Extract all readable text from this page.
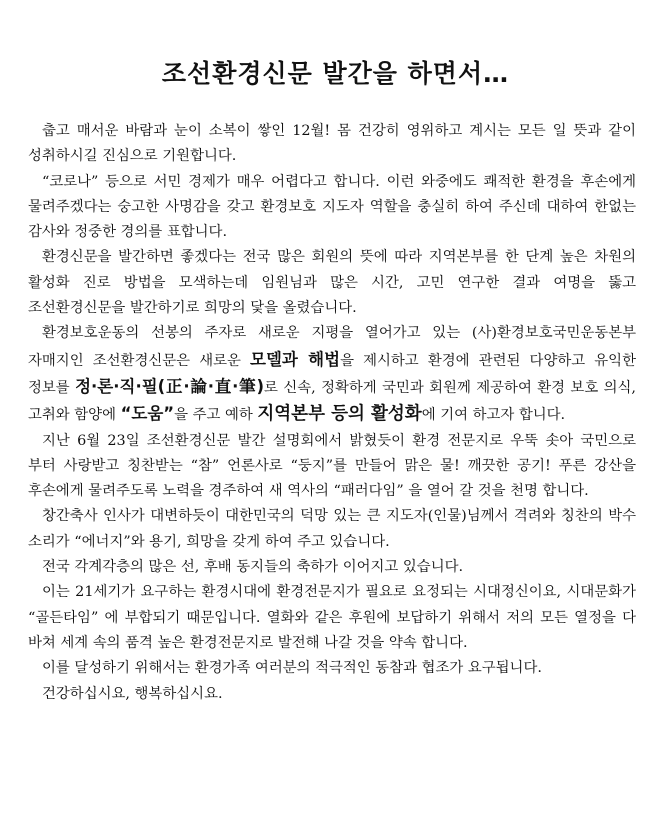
조선환경신문 발간을 하면서…

춥고 매서운 바람과 눈이 소복이 쌓인 12월! 몸 건강히 영위하고 계시는 모든 일 뜻과 같이 성취하시길 진심으로 기원합니다.

“코로나” 등으로 서민 경제가 매우 어렵다고 합니다. 이런 와중에도 쾌적한 환경을 후손에게 물려주겠다는 숭고한 사명감을 갖고 환경보호 지도자 역할을 충실히 하여 주신데 대하여 한없는 감사와 정중한 경의를 표합니다.

환경신문을 발간하면 좋겠다는 전국 많은 회원의 뜻에 따라 지역본부를 한 단계 높은 차원의 활성화 진로 방법을 모색하는데 임원님과 많은 시간, 고민 연구한 결과 여명을 뚫고 조선환경신문을 발간하기로 희망의 닻을 올렸습니다.

환경보호운동의 선봉의 주자로 새로운 지평을 열어가고 있는 (사)환경보호국민운동본부 자매지인 조선환경신문은 새로운 모델과 해법을 제시하고 환경에 관련된 다양하고 유익한 정보를 정·론·직·필(正·論·直·筆)로 신속, 정확하게 국민과 회원께 제공하여 환경 보호 의식, 고취와 함양에 “도움”을 주고 예하 지역본부 등의 활성화에 기여 하고자 합니다.

지난 6월 23일 조선환경신문 발간 설명회에서 밝혔듯이 환경 전문지로 우뚝 솟아 국민으로 부터 사랑받고 칭찬받는 “참” 언론사로 “둥지”를 만들어 맑은 물! 깨끗한 공기! 푸른 강산을 후손에게 물려주도록 노력을 경주하여 새 역사의 “패러다임” 을 열어 갈 것을 천명 합니다.

창간축사 인사가 대변하듯이 대한민국의 덕망 있는 큰 지도자(인물)님께서 격려와 칭찬의 박수 소리가 “에너지”와 용기, 희망을 갖게 하여 주고 있습니다.

전국 각계각층의 많은 선, 후배 동지들의 축하가 이어지고 있습니다.

이는 21세기가 요구하는 환경시대에 환경전문지가 필요로 요정되는 시대정신이요, 시대문화가 “골든타임” 에 부합되기 때문입니다. 열화와 같은 후원에 보답하기 위해서 저의 모든 열정을 다 바쳐 세계 속의 품격 높은 환경전문지로 발전해 나갈 것을 약속 합니다.

이를 달성하기 위해서는 환경가족 여러분의 적극적인 동참과 협조가 요구됩니다.

건강하십시요, 행복하십시요.
